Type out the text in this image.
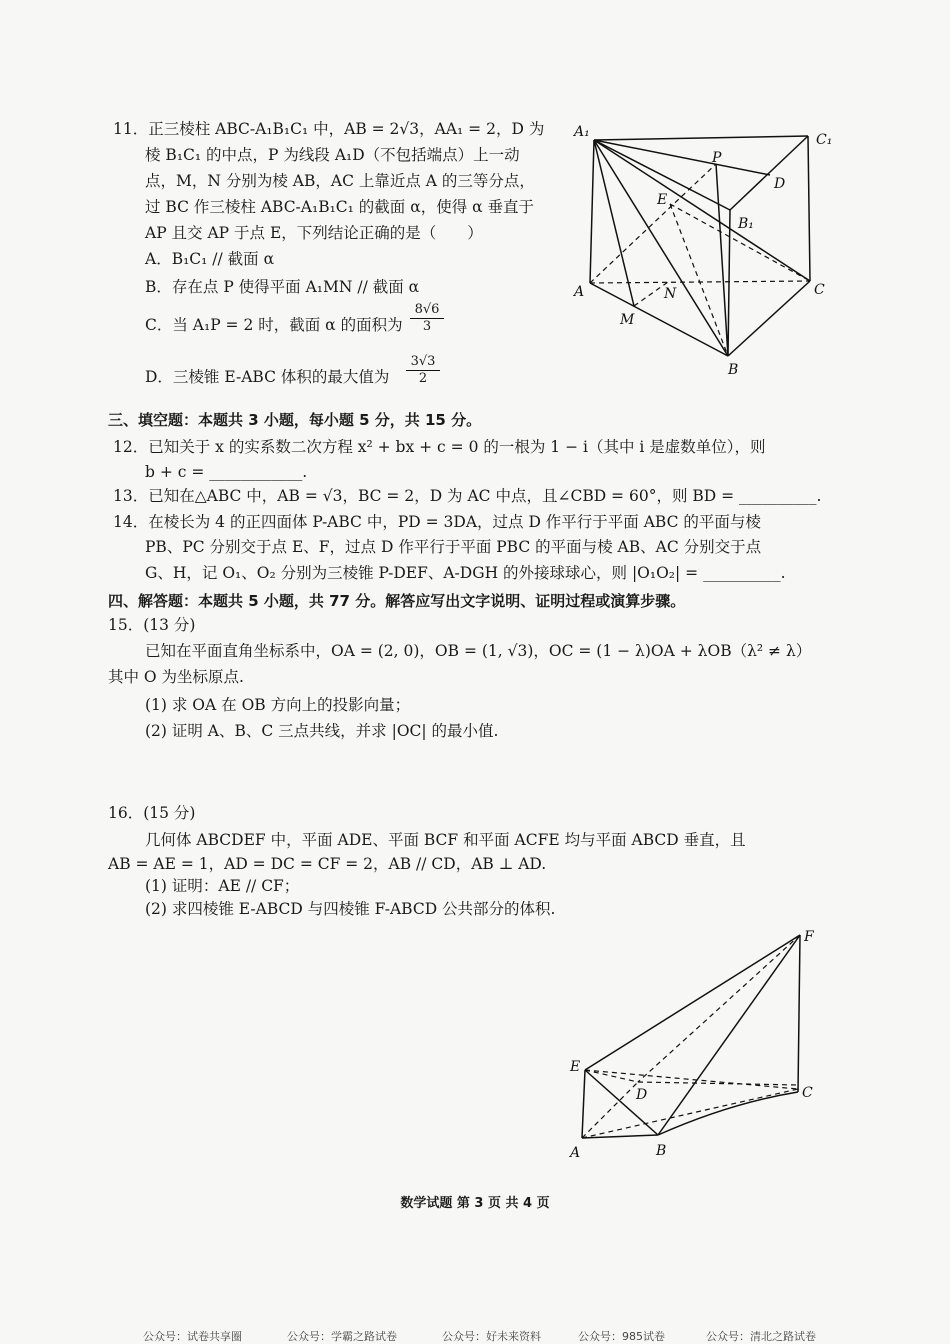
11．正三棱柱 ABC-A₁B₁C₁ 中，AB = 2√3，AA₁ = 2，D 为
棱 B₁C₁ 的中点，P 为线段 A₁D（不包括端点）上一动
点，M，N 分别为棱 AB，AC 上靠近点 A 的三等分点，
过 BC 作三棱柱 ABC-A₁B₁C₁ 的截面 α，使得 α 垂直于
AP 且交 AP 于点 E，下列结论正确的是（　　）
A．B₁C₁ // 截面 α
B．存在点 P 使得平面 A₁MN // 截面 α
C．当 A₁P = 2 时，截面 α 的面积为 $\frac{8√6}{3}$
D．三棱锥 E-ABC 体积的最大值为 $\frac{3√3}{2}$
A₁	C₁
P
D
E
B₁
A	N	C
M
B
三、填空题：本题共 3 小题，每小题 5 分，共 15 分。
12．已知关于 x 的实系数二次方程 x² + bx + c = 0 的一根为 1 − i（其中 i 是虚数单位），则
b + c = ____________.
13．已知在△ABC 中，AB = √3，BC = 2，D 为 AC 中点，且∠CBD = 60°，则 BD = __________.
14．在棱长为 4 的正四面体 P-ABC 中，PD = 3DA，过点 D 作平行于平面 ABC 的平面与棱
PB、PC 分别交于点 E、F，过点 D 作平行于平面 PBC 的平面与棱 AB、AC 分别交于点
G、H，记 O₁、O₂ 分别为三棱锥 P-DEF、A-DGH 的外接球球心，则 |O₁O₂| = __________.
四、解答题：本题共 5 小题，共 77 分。解答应写出文字说明、证明过程或演算步骤。
15．(13 分)
已知在平面直角坐标系中，OA = (2, 0)，OB = (1, √3)，OC = (1 − λ)OA + λOB（λ² ≠ λ）
其中 O 为坐标原点.
(1) 求 OA 在 OB 方向上的投影向量；
(2) 证明 A、B、C 三点共线，并求 |OC| 的最小值.
16．(15 分)
几何体 ABCDEF 中，平面 ADE、平面 BCF 和平面 ACFE 均与平面 ABCD 垂直，且
AB = AE = 1，AD = DC = CF = 2，AB // CD，AB ⊥ AD.
(1) 证明：AE // CF；
(2) 求四棱锥 E-ABCD 与四棱锥 F-ABCD 公共部分的体积.
F
E
D	C
A	B
数学试题 第 3 页 共 4 页
公众号：试卷共享圈	公众号：学霸之路试卷	公众号：好未来资料	公众号：985试卷	公众号：清北之路试卷
